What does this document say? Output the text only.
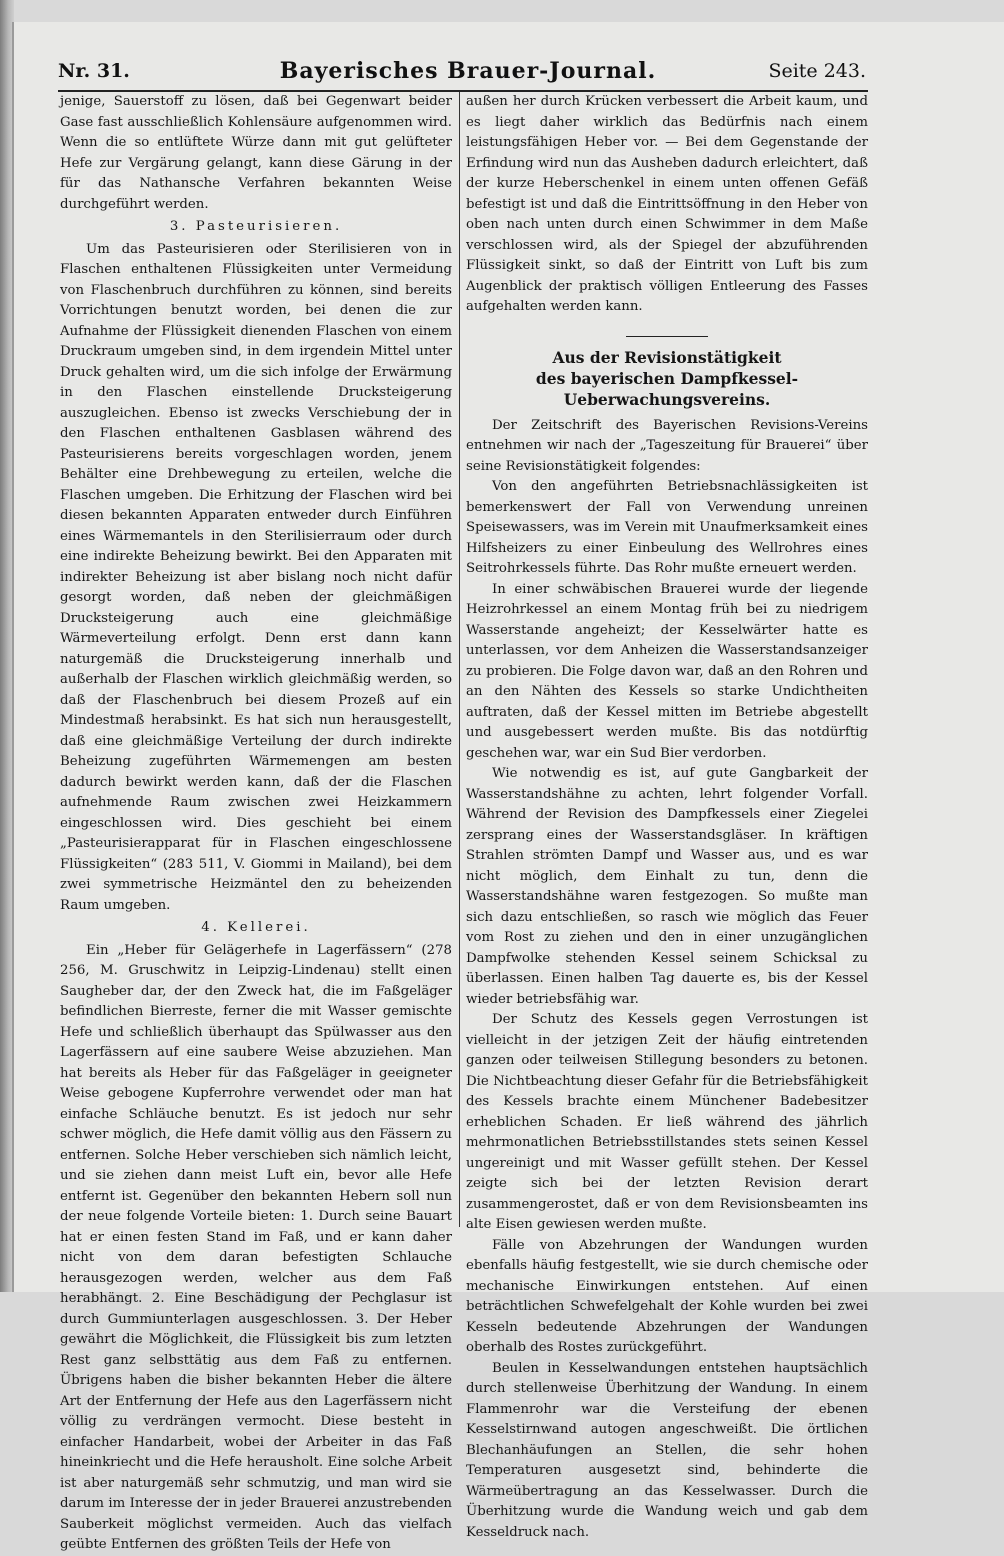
Nr. 31.	Bayerisches Brauer-Journal.	Seite 243.

jenige, Sauerstoff zu lösen, daß bei Gegenwart beider Gase fast ausschließlich Kohlensäure aufgenommen wird. Wenn die so entlüftete Würze dann mit gut gelüfteter Hefe zur Vergärung gelangt, kann diese Gärung in der für das Nathansche Verfahren bekannten Weise durchgeführt werden.

3. Pasteurisieren.

Um das Pasteurisieren oder Sterilisieren von in Flaschen enthaltenen Flüssigkeiten unter Vermeidung von Flaschenbruch durchführen zu können, sind bereits Vorrichtungen benutzt worden, bei denen die zur Aufnahme der Flüssigkeit dienenden Flaschen von einem Druckraum umgeben sind, in dem irgendein Mittel unter Druck gehalten wird, um die sich infolge der Erwärmung in den Flaschen einstellende Drucksteigerung auszugleichen. Ebenso ist zwecks Verschiebung der in den Flaschen enthaltenen Gasblasen während des Pasteurisierens bereits vorgeschlagen worden, jenem Behälter eine Drehbewegung zu erteilen, welche die Flaschen umgeben. Die Erhitzung der Flaschen wird bei diesen bekannten Apparaten entweder durch Einführen eines Wärmemantels in den Sterilisierraum oder durch eine indirekte Beheizung bewirkt. Bei den Apparaten mit indirekter Beheizung ist aber bislang noch nicht dafür gesorgt worden, daß neben der gleichmäßigen Drucksteigerung auch eine gleichmäßige Wärmeverteilung erfolgt. Denn erst dann kann naturgemäß die Drucksteigerung innerhalb und außerhalb der Flaschen wirklich gleichmäßig werden, so daß der Flaschenbruch bei diesem Prozeß auf ein Mindestmaß herabsinkt. Es hat sich nun herausgestellt, daß eine gleichmäßige Verteilung der durch indirekte Beheizung zugeführten Wärmemengen am besten dadurch bewirkt werden kann, daß der die Flaschen aufnehmende Raum zwischen zwei Heizkammern eingeschlossen wird. Dies geschieht bei einem „Pasteurisierapparat für in Flaschen eingeschlossene Flüssigkeiten“ (283 511, V. Giommi in Mailand), bei dem zwei symmetrische Heizmäntel den zu beheizenden Raum umgeben.

4. Kellerei.

Ein „Heber für Gelägerhefe in Lagerfässern“ (278 256, M. Gruschwitz in Leipzig-Lindenau) stellt einen Saugheber dar, der den Zweck hat, die im Faßgeläger befindlichen Bierreste, ferner die mit Wasser gemischte Hefe und schließlich überhaupt das Spülwasser aus den Lagerfässern auf eine saubere Weise abzuziehen. Man hat bereits als Heber für das Faßgeläger in geeigneter Weise gebogene Kupferrohre verwendet oder man hat einfache Schläuche benutzt. Es ist jedoch nur sehr schwer möglich, die Hefe damit völlig aus den Fässern zu entfernen. Solche Heber verschieben sich nämlich leicht, und sie ziehen dann meist Luft ein, bevor alle Hefe entfernt ist. Gegenüber den bekannten Hebern soll nun der neue folgende Vorteile bieten: 1. Durch seine Bauart hat er einen festen Stand im Faß, und er kann daher nicht von dem daran befestigten Schlauche herausgezogen werden, welcher aus dem Faß herabhängt. 2. Eine Beschädigung der Pechglasur ist durch Gummiunterlagen ausgeschlossen. 3. Der Heber gewährt die Möglichkeit, die Flüssigkeit bis zum letzten Rest ganz selbsttätig aus dem Faß zu entfernen. Übrigens haben die bisher bekannten Heber die ältere Art der Entfernung der Hefe aus den Lagerfässern nicht völlig zu verdrängen vermocht. Diese besteht in einfacher Handarbeit, wobei der Arbeiter in das Faß hineinkriecht und die Hefe herausholt. Eine solche Arbeit ist aber naturgemäß sehr schmutzig, und man wird sie darum im Interesse der in jeder Brauerei anzustrebenden Sauberkeit möglichst vermeiden. Auch das vielfach geübte Entfernen des größten Teils der Hefe von

außen her durch Krücken verbessert die Arbeit kaum, und es liegt daher wirklich das Bedürfnis nach einem leistungsfähigen Heber vor. — Bei dem Gegenstande der Erfindung wird nun das Ausheben dadurch erleichtert, daß der kurze Heberschenkel in einem unten offenen Gefäß befestigt ist und daß die Eintrittsöffnung in den Heber von oben nach unten durch einen Schwimmer in dem Maße verschlossen wird, als der Spiegel der abzuführenden Flüssigkeit sinkt, so daß der Eintritt von Luft bis zum Augenblick der praktisch völligen Entleerung des Fasses aufgehalten werden kann.

Aus der Revisionstätigkeit
des bayerischen Dampfkessel-Ueberwachungsvereins.

Der Zeitschrift des Bayerischen Revisions-Vereins entnehmen wir nach der „Tageszeitung für Brauerei“ über seine Revisionstätigkeit folgendes:

Von den angeführten Betriebsnachlässigkeiten ist bemerkenswert der Fall von Verwendung unreinen Speisewassers, was im Verein mit Unaufmerksamkeit eines Hilfsheizers zu einer Einbeulung des Wellrohres eines Seitrohrkessels führte. Das Rohr mußte erneuert werden.

In einer schwäbischen Brauerei wurde der liegende Heizrohrkessel an einem Montag früh bei zu niedrigem Wasserstande angeheizt; der Kesselwärter hatte es unterlassen, vor dem Anheizen die Wasserstandsanzeiger zu probieren. Die Folge davon war, daß an den Rohren und an den Nähten des Kessels so starke Undichtheiten auftraten, daß der Kessel mitten im Betriebe abgestellt und ausgebessert werden mußte. Bis das notdürftig geschehen war, war ein Sud Bier verdorben.

Wie notwendig es ist, auf gute Gangbarkeit der Wasserstandshähne zu achten, lehrt folgender Vorfall. Während der Revision des Dampfkessels einer Ziegelei zersprang eines der Wasserstandsgläser. In kräftigen Strahlen strömten Dampf und Wasser aus, und es war nicht möglich, dem Einhalt zu tun, denn die Wasserstandshähne waren festgezogen. So mußte man sich dazu entschließen, so rasch wie möglich das Feuer vom Rost zu ziehen und den in einer unzugänglichen Dampfwolke stehenden Kessel seinem Schicksal zu überlassen. Einen halben Tag dauerte es, bis der Kessel wieder betriebsfähig war.

Der Schutz des Kessels gegen Verrostungen ist vielleicht in der jetzigen Zeit der häufig eintretenden ganzen oder teilweisen Stillegung besonders zu betonen. Die Nichtbeachtung dieser Gefahr für die Betriebsfähigkeit des Kessels brachte einem Münchener Badebesitzer erheblichen Schaden. Er ließ während des jährlich mehrmonatlichen Betriebsstillstandes stets seinen Kessel ungereinigt und mit Wasser gefüllt stehen. Der Kessel zeigte sich bei der letzten Revision derart zusammengerostet, daß er von dem Revisionsbeamten ins alte Eisen gewiesen werden mußte.

Fälle von Abzehrungen der Wandungen wurden ebenfalls häufig festgestellt, wie sie durch chemische oder mechanische Einwirkungen entstehen. Auf einen beträchtlichen Schwefelgehalt der Kohle wurden bei zwei Kesseln bedeutende Abzehrungen der Wandungen oberhalb des Rostes zurückgeführt.

Beulen in Kesselwandungen entstehen hauptsächlich durch stellenweise Überhitzung der Wandung. In einem Flammenrohr war die Versteifung der ebenen Kesselstirnwand autogen angeschweißt. Die örtlichen Blechanhäufungen an Stellen, die sehr hohen Temperaturen ausgesetzt sind, behinderte die Wärmeübertragung an das Kesselwasser. Durch die Überhitzung wurde die Wandung weich und gab dem Kesseldruck nach.
